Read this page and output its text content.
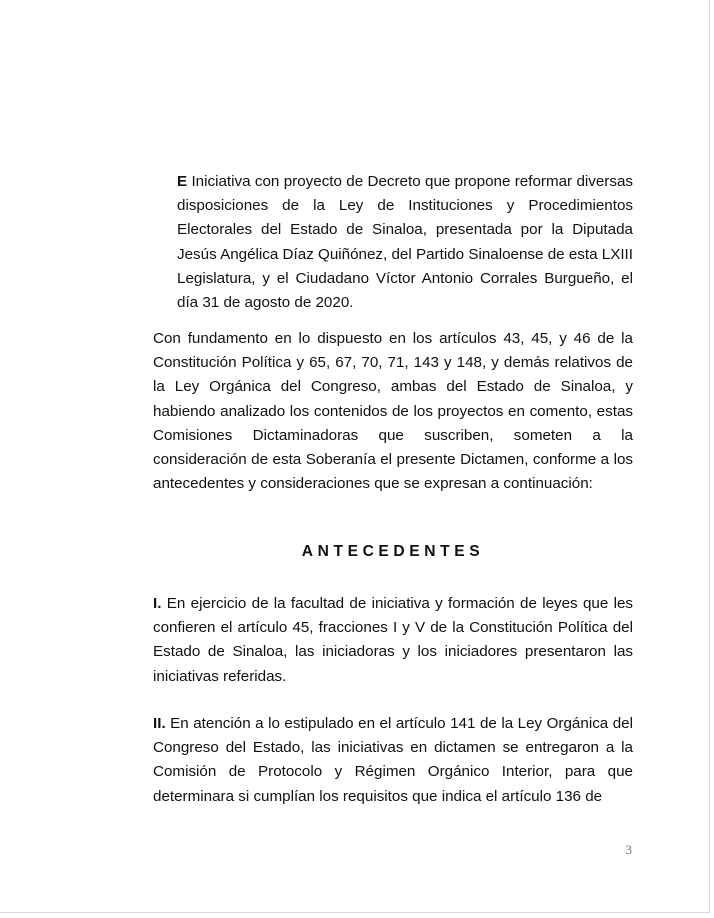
E Iniciativa con proyecto de Decreto que propone reformar diversas disposiciones de la Ley de Instituciones y Procedimientos Electorales del Estado de Sinaloa, presentada por la Diputada Jesús Angélica Díaz Quiñónez, del Partido Sinaloense de esta LXIII Legislatura, y el Ciudadano Víctor Antonio Corrales Burgueño, el día 31 de agosto de 2020.

Con fundamento en lo dispuesto en los artículos 43, 45, y 46 de la Constitución Política y 65, 67, 70, 71, 143 y 148, y demás relativos de la Ley Orgánica del Congreso, ambas del Estado de Sinaloa, y habiendo analizado los contenidos de los proyectos en comento, estas Comisiones Dictaminadoras que suscriben, someten a la consideración de esta Soberanía el presente Dictamen, conforme a los antecedentes y consideraciones que se expresan a continuación:

ANTECEDENTES

I. En ejercicio de la facultad de iniciativa y formación de leyes que les confieren el artículo 45, fracciones I y V de la Constitución Política del Estado de Sinaloa, las iniciadoras y los iniciadores presentaron las iniciativas referidas.

II. En atención a lo estipulado en el artículo 141 de la Ley Orgánica del Congreso del Estado, las iniciativas en dictamen se entregaron a la Comisión de Protocolo y Régimen Orgánico Interior, para que determinara si cumplían los requisitos que indica el artículo 136 de

3
